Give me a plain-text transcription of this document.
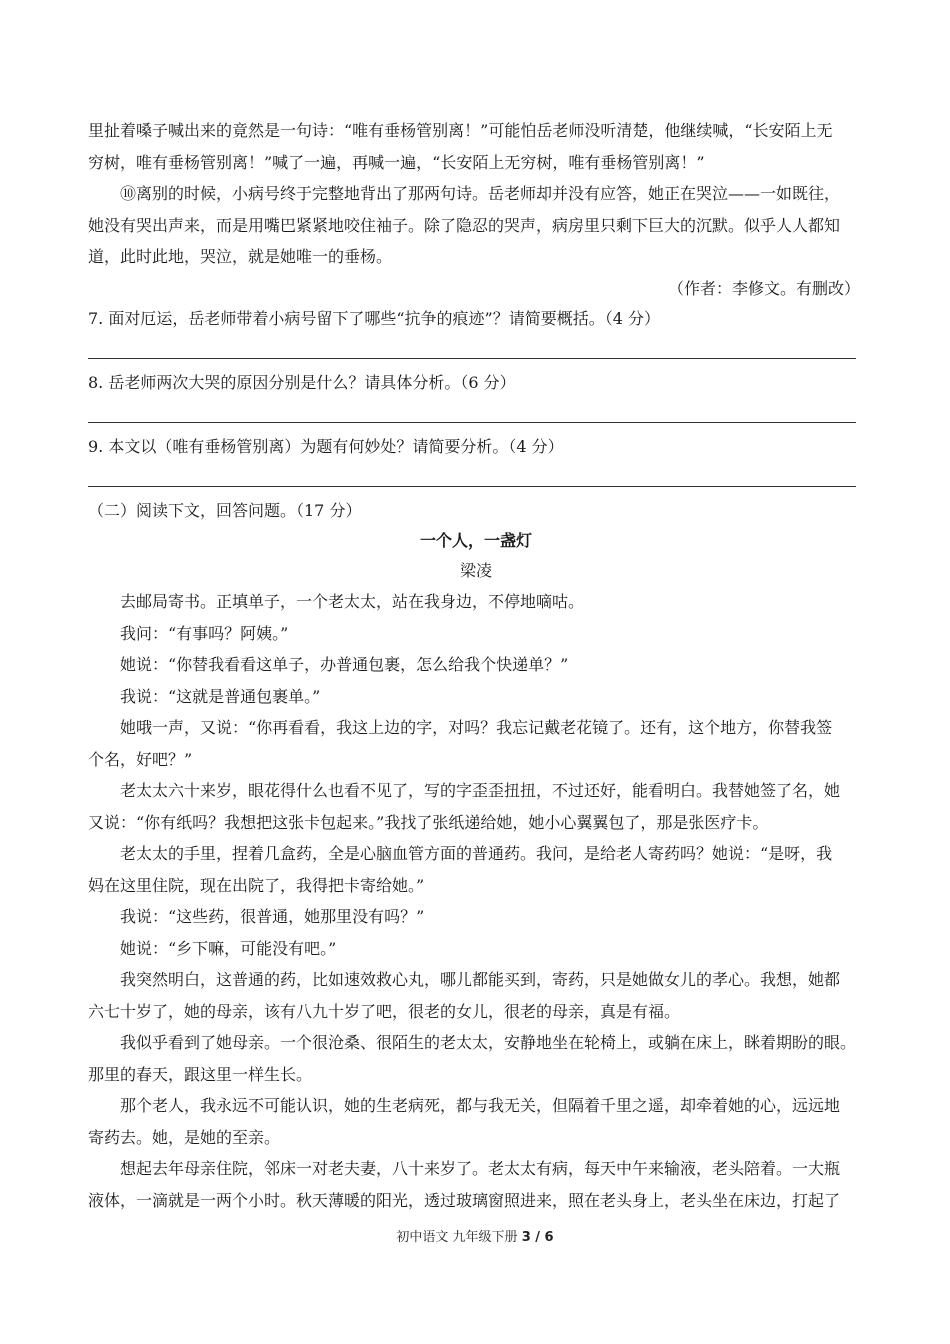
里扯着嗓子喊出来的竟然是一句诗：“唯有垂杨管别离！”可能怕岳老师没听清楚，他继续喊，“长安陌上无
穷树，唯有垂杨管别离！”喊了一遍，再喊一遍，“长安陌上无穷树，唯有垂杨管别离！”
⑩离别的时候，小病号终于完整地背出了那两句诗。岳老师却并没有应答，她正在哭泣——一如既往，
她没有哭出声来，而是用嘴巴紧紧地咬住袖子。除了隐忍的哭声，病房里只剩下巨大的沉默。似乎人人都知
道，此时此地，哭泣，就是她唯一的垂杨。
（作者：李修文。有删改）
7. 面对厄运，岳老师带着小病号留下了哪些“抗争的痕迹”？请简要概括。（4 分）
8. 岳老师两次大哭的原因分别是什么？请具体分析。（6 分）
9. 本文以（唯有垂杨管别离）为题有何妙处？请简要分析。（4 分）
（二）阅读下文，回答问题。（17 分）
一个人，一盏灯
梁凌
去邮局寄书。正填单子，一个老太太，站在我身边，不停地嘀咕。
我问：“有事吗？阿姨。”
她说：“你替我看看这单子，办普通包裹，怎么给我个快递单？”
我说：“这就是普通包裹单。”
她哦一声，又说：“你再看看，我这上边的字，对吗？我忘记戴老花镜了。还有，这个地方，你替我签
个名，好吧？”
老太太六十来岁，眼花得什么也看不见了，写的字歪歪扭扭，不过还好，能看明白。我替她签了名，她
又说：“你有纸吗？我想把这张卡包起来。”我找了张纸递给她，她小心翼翼包了，那是张医疗卡。
老太太的手里，捏着几盒药，全是心脑血管方面的普通药。我问，是给老人寄药吗？她说：“是呀，我
妈在这里住院，现在出院了，我得把卡寄给她。”
我说：“这些药，很普通，她那里没有吗？”
她说：“乡下嘛，可能没有吧。”
我突然明白，这普通的药，比如速效救心丸，哪儿都能买到，寄药，只是她做女儿的孝心。我想，她都
六七十岁了，她的母亲，该有八九十岁了吧，很老的女儿，很老的母亲，真是有福。
我似乎看到了她母亲。一个很沧桑、很陌生的老太太，安静地坐在轮椅上，或躺在床上，眯着期盼的眼。
那里的春天，跟这里一样生长。
那个老人，我永远不可能认识，她的生老病死，都与我无关，但隔着千里之遥，却牵着她的心，远远地
寄药去。她，是她的至亲。
想起去年母亲住院，邻床一对老夫妻，八十来岁了。老太太有病，每天中午来输液，老头陪着。一大瓶
液体，一滴就是一两个小时。秋天薄暖的阳光，透过玻璃窗照进来，照在老头身上，老头坐在床边，打起了
初中语文 九年级下册 3 / 6
